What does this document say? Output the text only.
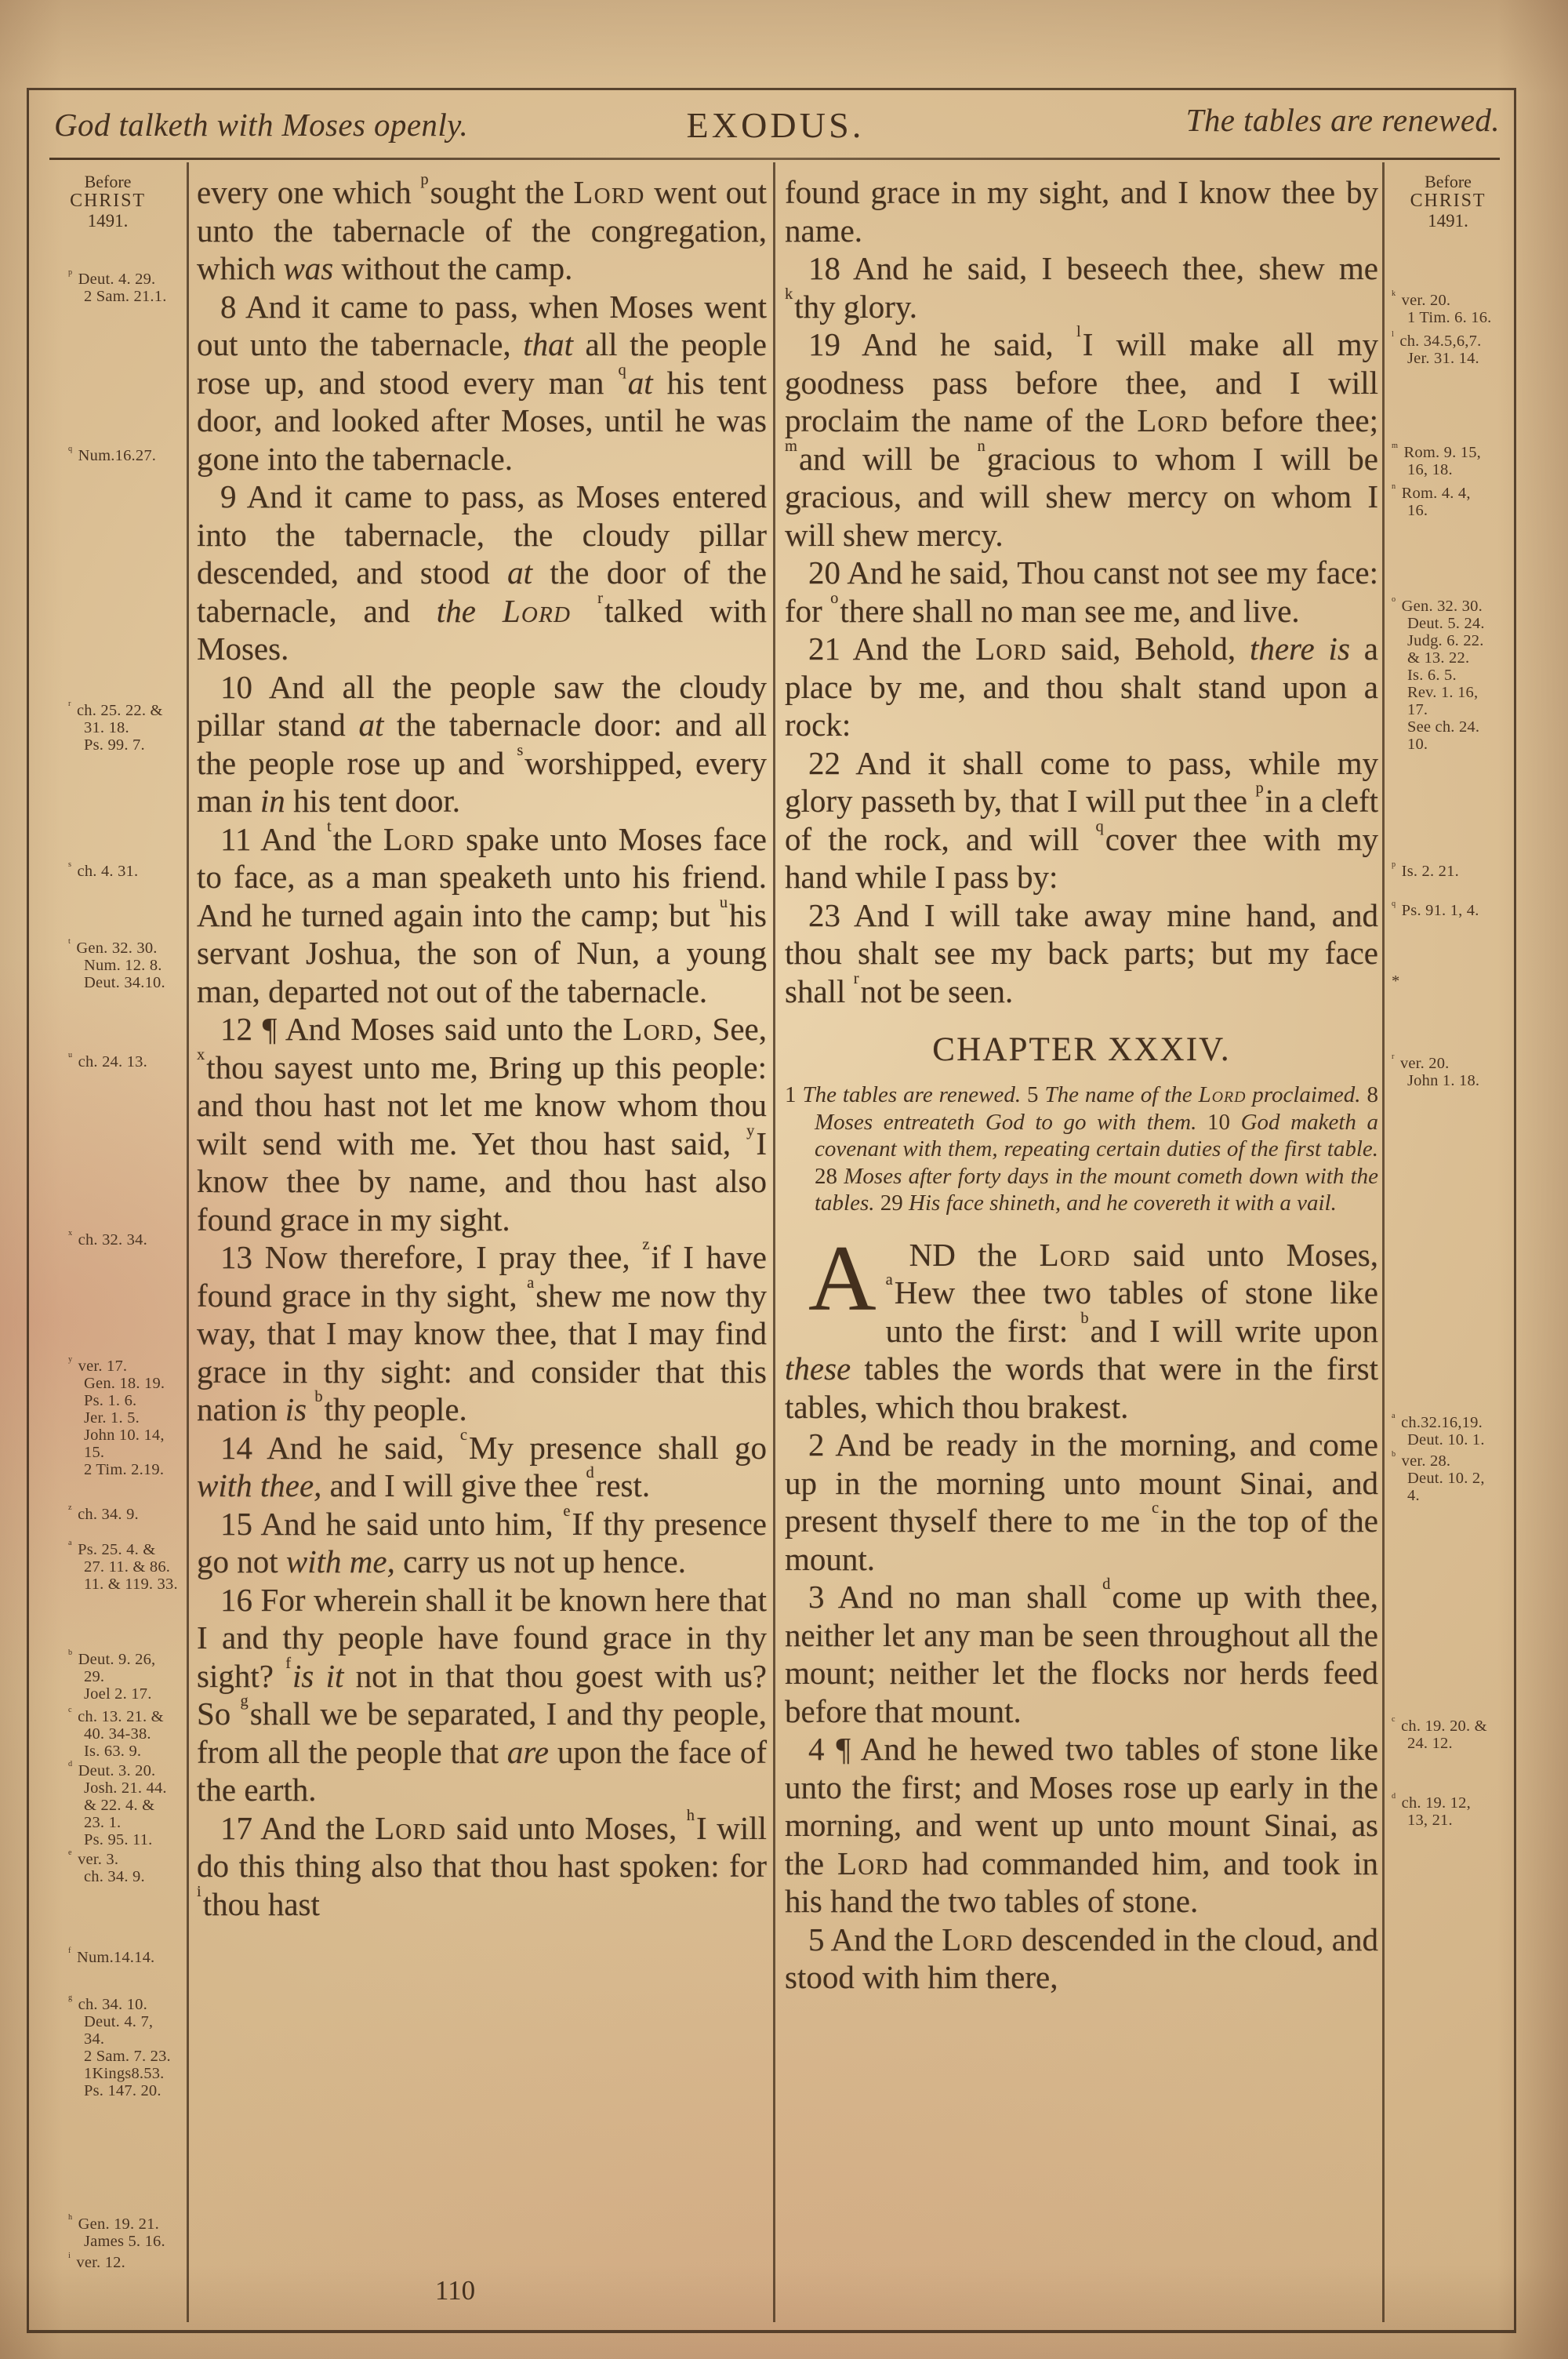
God talketh with Moses openly.	EXODUS.	The tables are renewed.
Before
CHRIST
1491.
$^p$ Deut. 4. 29.
2 Sam. 21.1.
$^q$ Num.16.27.
$^r$ ch. 25. 22. &
31. 18.
Ps. 99. 7.
$^s$ ch. 4. 31.
$^t$ Gen. 32. 30.
Num. 12. 8.
Deut. 34.10.
$^u$ ch. 24. 13.
$^x$ ch. 32. 34.
$^y$ ver. 17.
Gen. 18. 19.
Ps. 1. 6.
Jer. 1. 5.
John 10. 14,
15.
2 Tim. 2.19.
$^z$ ch. 34. 9.
$^a$ Ps. 25. 4. &
27. 11. & 86.
11. & 119. 33.
$^b$ Deut. 9. 26,
29.
Joel 2. 17.
$^c$ ch. 13. 21. &
40. 34-38.
Is. 63. 9.
$^d$ Deut. 3. 20.
Josh. 21. 44.
& 22. 4. &
23. 1.
Ps. 95. 11.
$^e$ ver. 3.
ch. 34. 9.
$^f$ Num.14.14.
$^g$ ch. 34. 10.
Deut. 4. 7,
34.
2 Sam. 7. 23.
1Kings8.53.
Ps. 147. 20.
$^h$ Gen. 19. 21.
James 5. 16.
$^i$ ver. 12.

every one which $^p$sought the Lord went out unto the tabernacle of the congregation, which was without the camp.

8 And it came to pass, when Moses went out unto the tabernacle, that all the people rose up, and stood every man $^q$at his tent door, and looked after Moses, until he was gone into the tabernacle.

9 And it came to pass, as Moses entered into the tabernacle, the cloudy pillar descended, and stood at the door of the tabernacle, and the Lord $^r$talked with Moses.

10 And all the people saw the cloudy pillar stand at the tabernacle door: and all the people rose up and $^s$worshipped, every man in his tent door.

11 And $^t$the Lord spake unto Moses face to face, as a man speaketh unto his friend. And he turned again into the camp; but $^u$his servant Joshua, the son of Nun, a young man, departed not out of the tabernacle.

12 ¶ And Moses said unto the Lord, See, $^x$thou sayest unto me, Bring up this people: and thou hast not let me know whom thou wilt send with me. Yet thou hast said, $^y$I know thee by name, and thou hast also found grace in my sight.

13 Now therefore, I pray thee, $^z$if I have found grace in thy sight, $^a$shew me now thy way, that I may know thee, that I may find grace in thy sight: and consider that this nation is $^b$thy people.

14 And he said, $^c$My presence shall go with thee, and I will give thee $^d$rest.

15 And he said unto him, $^e$If thy presence go not with me, carry us not up hence.

16 For wherein shall it be known here that I and thy people have found grace in thy sight? $^f$is it not in that thou goest with us? So $^g$shall we be separated, I and thy people, from all the people that are upon the face of the earth.

17 And the Lord said unto Moses, $^h$I will do this thing also that thou hast spoken: for $^i$thou hast

found grace in my sight, and I know thee by name.

18 And he said, I beseech thee, shew me $^k$thy glory.

19 And he said, $^l$I will make all my goodness pass before thee, and I will proclaim the name of the Lord before thee; $^m$and will be $^n$gracious to whom I will be gracious, and will shew mercy on whom I will shew mercy.

20 And he said, Thou canst not see my face: for $^o$there shall no man see me, and live.

21 And the Lord said, Behold, there is a place by me, and thou shalt stand upon a rock:

22 And it shall come to pass, while my glory passeth by, that I will put thee $^p$in a cleft of the rock, and will $^q$cover thee with my hand while I pass by:

23 And I will take away mine hand, and thou shalt see my back parts; but my face shall $^r$not be seen.

CHAPTER XXXIV.

1 The tables are renewed. 5 The name of the Lord proclaimed. 8 Moses entreateth God to go with them. 10 God maketh a covenant with them, repeating certain duties of the first table. 28 Moses after forty days in the mount cometh down with the tables. 29 His face shineth, and he covereth it with a vail.

A ND the Lord said unto Moses, $^a$Hew thee two tables of stone like unto the first: $^b$and I will write upon these tables the words that were in the first tables, which thou brakest.

2 And be ready in the morning, and come up in the morning unto mount Sinai, and present thyself there to me $^c$in the top of the mount.

3 And no man shall $^d$come up with thee, neither let any man be seen throughout all the mount; neither let the flocks nor herds feed before that mount.

4 ¶ And he hewed two tables of stone like unto the first; and Moses rose up early in the morning, and went up unto mount Sinai, as the Lord had commanded him, and took in his hand the two tables of stone.

5 And the Lord descended in the cloud, and stood with him there,

Before
CHRIST
1491.
$^k$ ver. 20.
1 Tim. 6. 16.
$^l$ ch. 34.5,6,7.
Jer. 31. 14.
$^m$ Rom. 9. 15,
16, 18.
$^n$ Rom. 4. 4,
16.
$^o$ Gen. 32. 30.
Deut. 5. 24.
Judg. 6. 22.
& 13. 22.
Is. 6. 5.
Rev. 1. 16,
17.
See ch. 24.
10.
$^p$ Is. 2. 21.
$^q$ Ps. 91. 1, 4.
*
$^r$ ver. 20.
John 1. 18.
$^a$ ch.32.16,19.
Deut. 10. 1.
$^b$ ver. 28.
Deut. 10. 2,
4.
$^c$ ch. 19. 20. &
24. 12.
$^d$ ch. 19. 12,
13, 21.
110
